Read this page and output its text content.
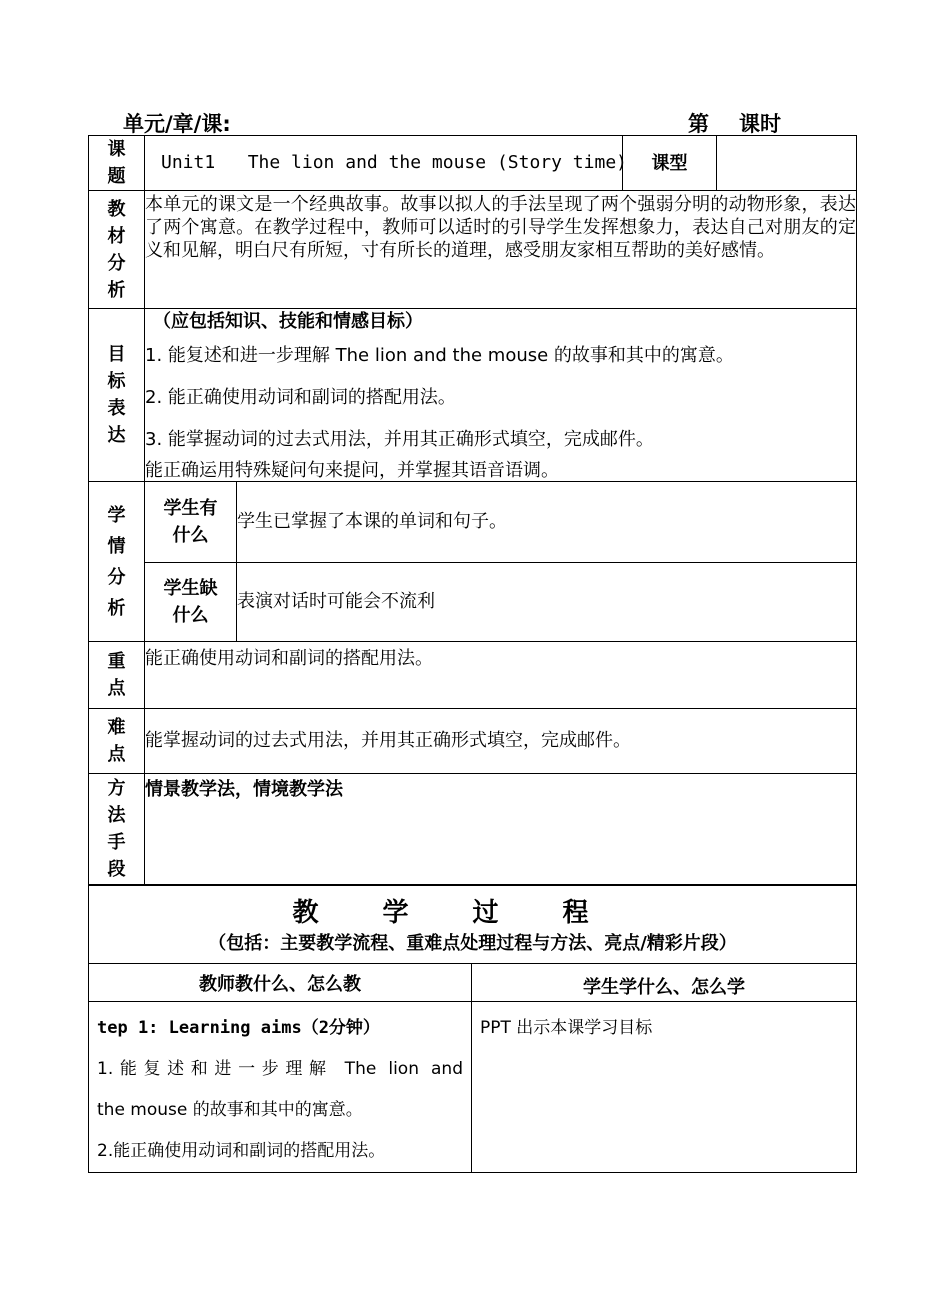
单元/章/课:	第 课时
课题	Unit1   The lion and the mouse (Story time)		课型	

教材分析	本单元的课文是一个经典故事。故事以拟人的手法呈现了两个强弱分明的动物形象，表达了两个寓意。在教学过程中，教师可以适时的引导学生发挥想象力，表达自己对朋友的定义和见解，明白尺有所短，寸有所长的道理，感受朋友家相互帮助的美好感情。			

目标表达	（应包括知识、技能和情感目标）
1. 能复述和进一步理解 The lion and the mouse 的故事和其中的寓意。
2. 能正确使用动词和副词的搭配用法。
3. 能掌握动词的过去式用法，并用其正确形式填空，完成邮件。
能正确运用特殊疑问句来提问，并掌握其语音语调。			

学情分析	学生有什么	学生已掌握了本课的单词和句子。		

	学生缺什么	表演对话时可能会不流利		

重点	能正确使用动词和副词的搭配用法。			

难点	能掌握动词的过去式用法，并用其正确形式填空，完成邮件。			

方法手段	情景教学法，情境教学法			
教学过程
（包括：主要教学流程、重难点处理过程与方法、亮点/精彩片段）	

教师教什么、怎么教	学生学什么、怎么学

tep 1: Learning aims（2分钟）

1.能复述和进一步理解 The lion and

the mouse 的故事和其中的寓意。

2.能正确使用动词和副词的搭配用法。	PPT 出示本课学习目标
